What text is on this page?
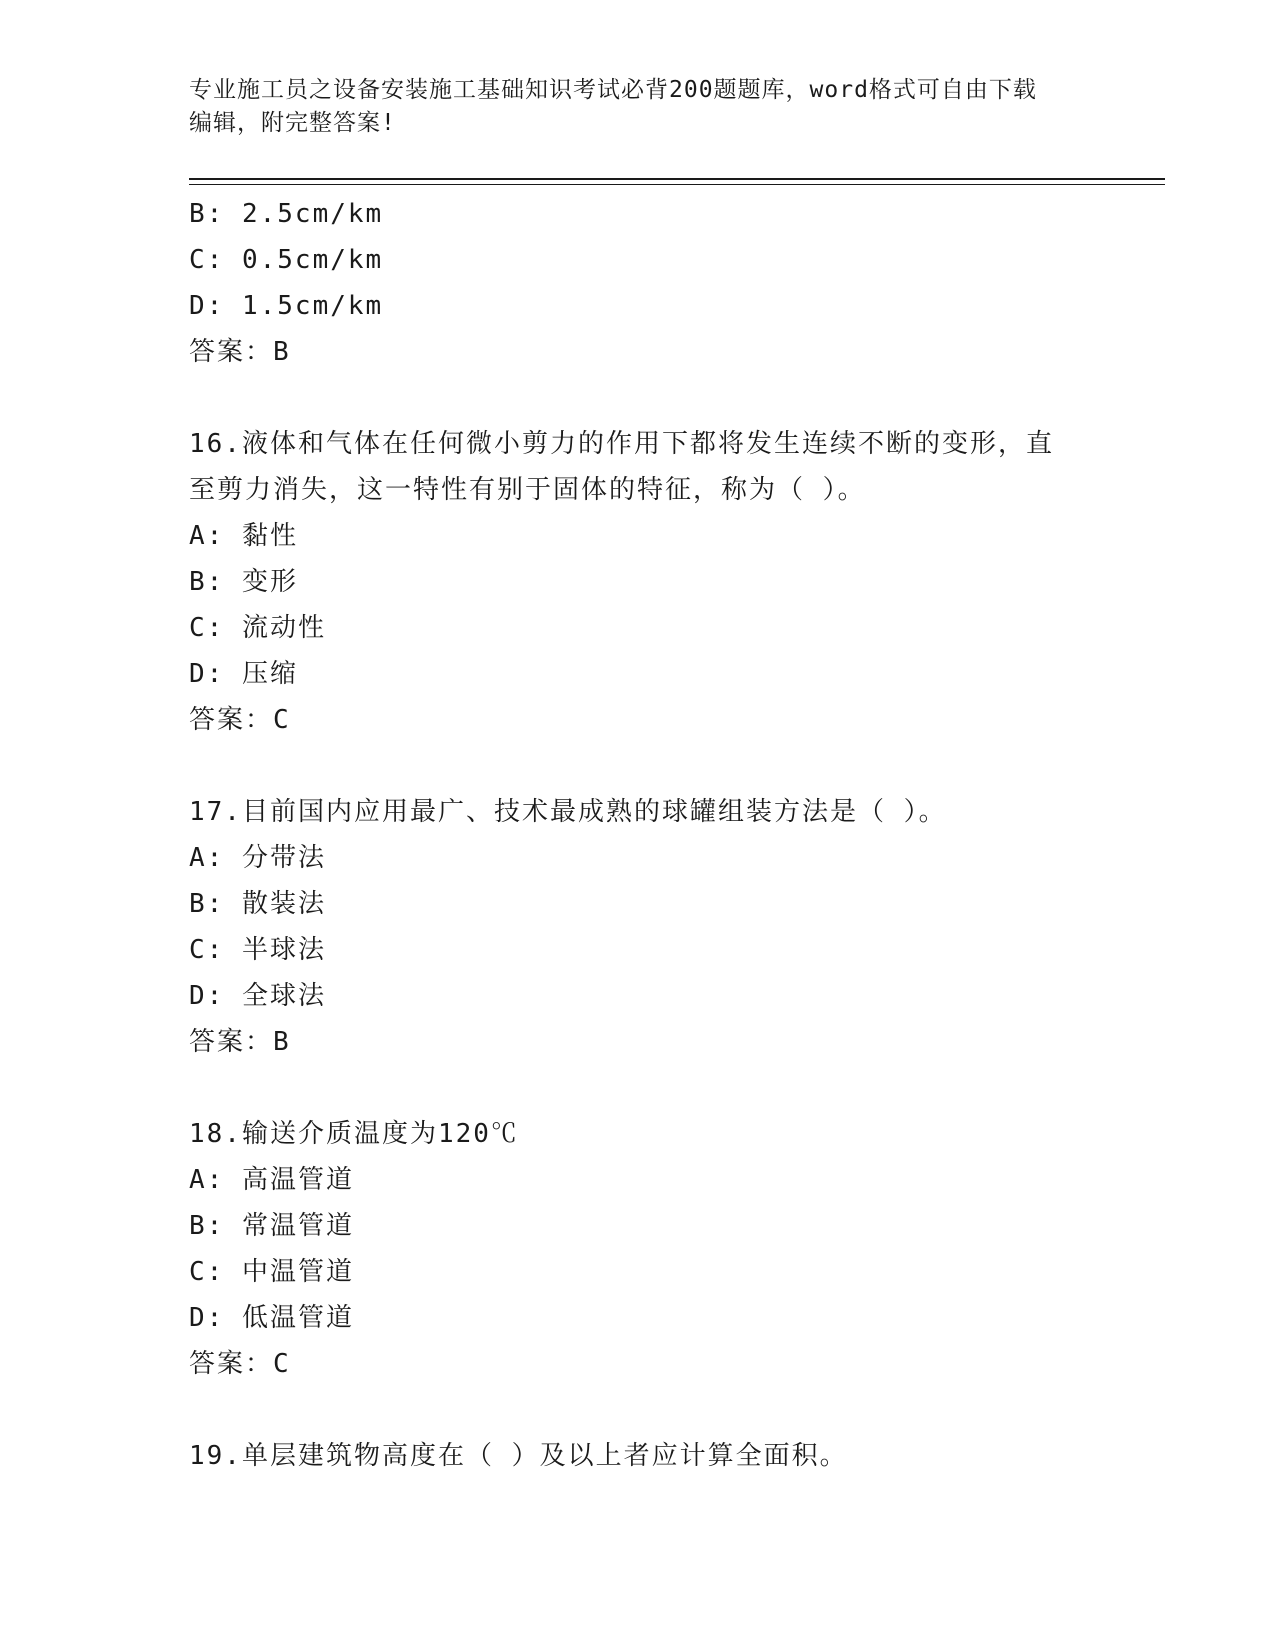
专业施工员之设备安装施工基础知识考试必背200题题库，word格式可自由下载
编辑，附完整答案!
B: 2.5cm/km
C: 0.5cm/km
D: 1.5cm/km
答案：B
16.液体和气体在任何微小剪力的作用下都将发生连续不断的变形，直
至剪力消失，这一特性有别于固体的特征，称为（ ）。
A: 黏性
B: 变形
C: 流动性
D: 压缩
答案：C
17.目前国内应用最广、技术最成熟的球罐组装方法是（ ）。
A: 分带法
B: 散装法
C: 半球法
D: 全球法
答案：B
18.输送介质温度为120℃
A: 高温管道
B: 常温管道
C: 中温管道
D: 低温管道
答案：C
19.单层建筑物高度在（ ）及以上者应计算全面积。
